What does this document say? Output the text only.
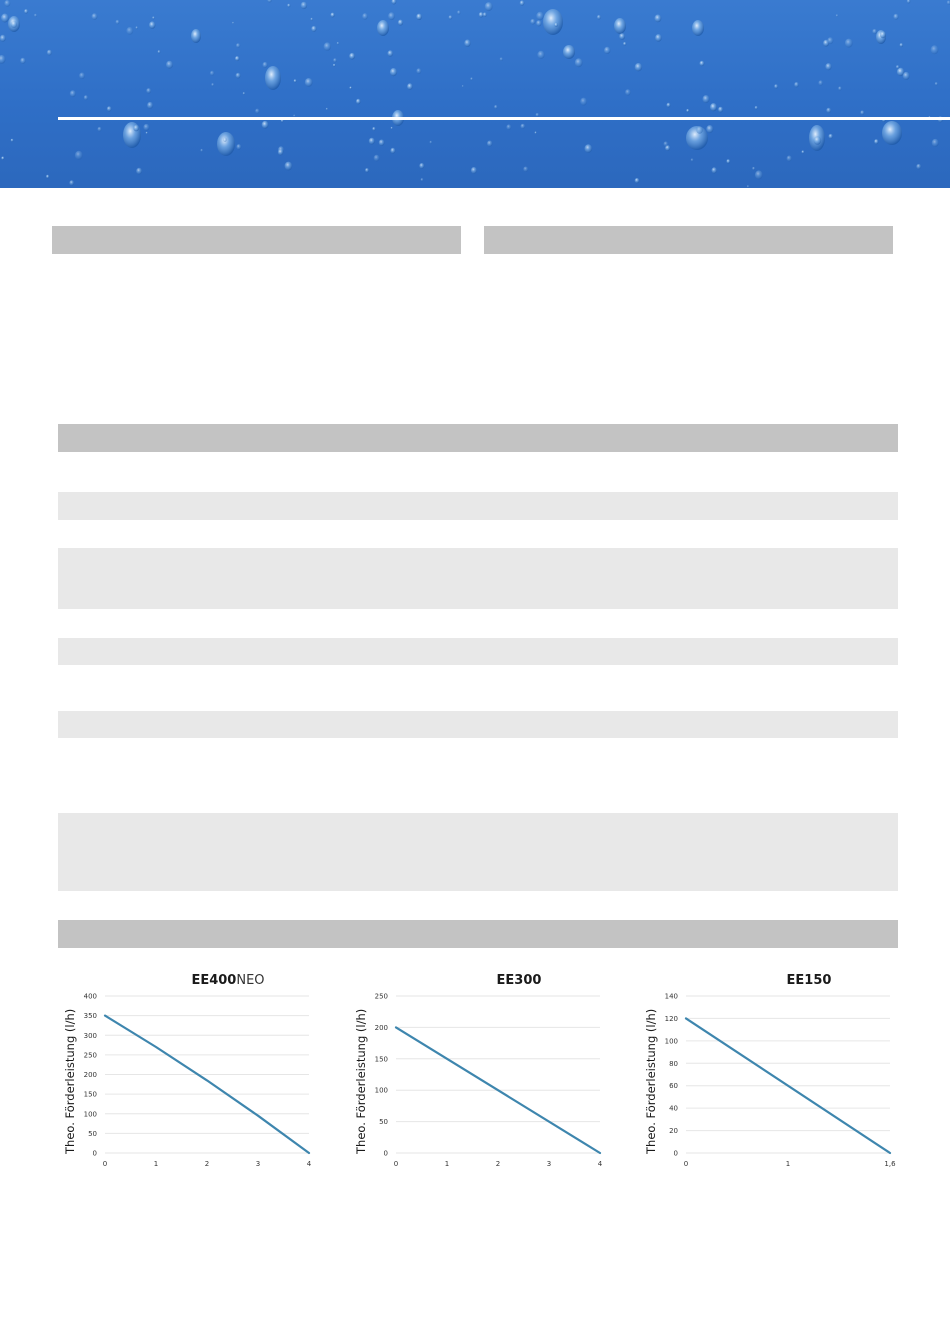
EE400NEO
Theo. Förderleistung (l/h) 0
50
100
150
200
250
300
350
400
0	1	2	3	4
EE300
Theo. Förderleistung (l/h) 0
50
100
150
200
250
0	1	2	3	4
EE150
Theo. Förderleistung (l/h) 0
20
40
60
80
100
120
140
0	1	1,6
